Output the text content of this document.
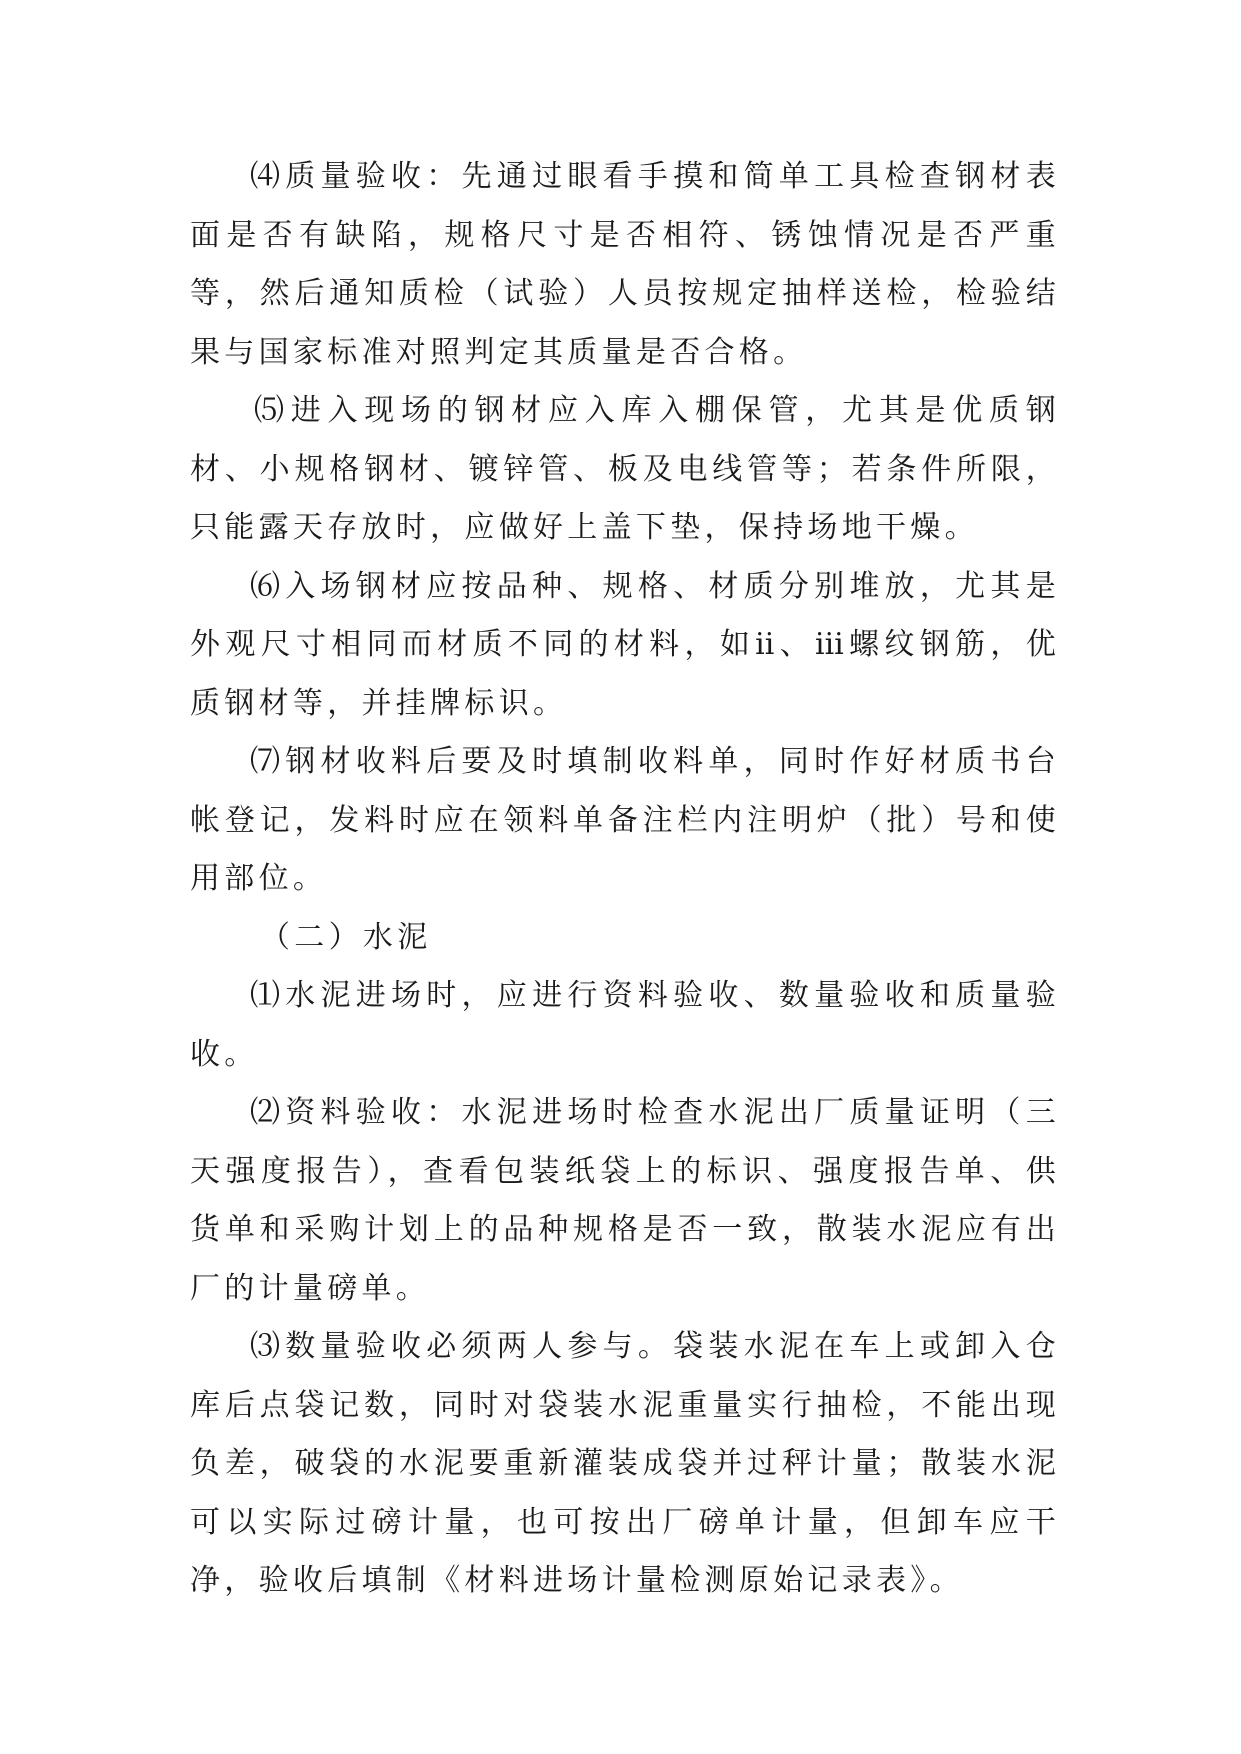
⑷质量验收：先通过眼看手摸和简单工具检查钢材表面是否有缺陷，规格尺寸是否相符、锈蚀情况是否严重等，然后通知质检（试验）人员按规定抽样送检，检验结果与国家标准对照判定其质量是否合格。

⑸进入现场的钢材应入库入棚保管，尤其是优质钢材、小规格钢材、镀锌管、板及电线管等；若条件所限，只能露天存放时，应做好上盖下垫，保持场地干燥。

⑹入场钢材应按品种、规格、材质分别堆放，尤其是外观尺寸相同而材质不同的材料，如ⅱ、ⅲ螺纹钢筋，优质钢材等，并挂牌标识。

⑺钢材收料后要及时填制收料单，同时作好材质书台帐登记，发料时应在领料单备注栏内注明炉（批）号和使用部位。

（二）水泥

⑴水泥进场时，应进行资料验收、数量验收和质量验收。

⑵资料验收：水泥进场时检查水泥出厂质量证明（三天强度报告），查看包装纸袋上的标识、强度报告单、供货单和采购计划上的品种规格是否一致，散装水泥应有出厂的计量磅单。

⑶数量验收必须两人参与。袋装水泥在车上或卸入仓库后点袋记数，同时对袋装水泥重量实行抽检，不能出现负差，破袋的水泥要重新灌装成袋并过秤计量；散装水泥可以实际过磅计量，也可按出厂磅单计量，但卸车应干净，验收后填制《材料进场计量检测原始记录表》。
